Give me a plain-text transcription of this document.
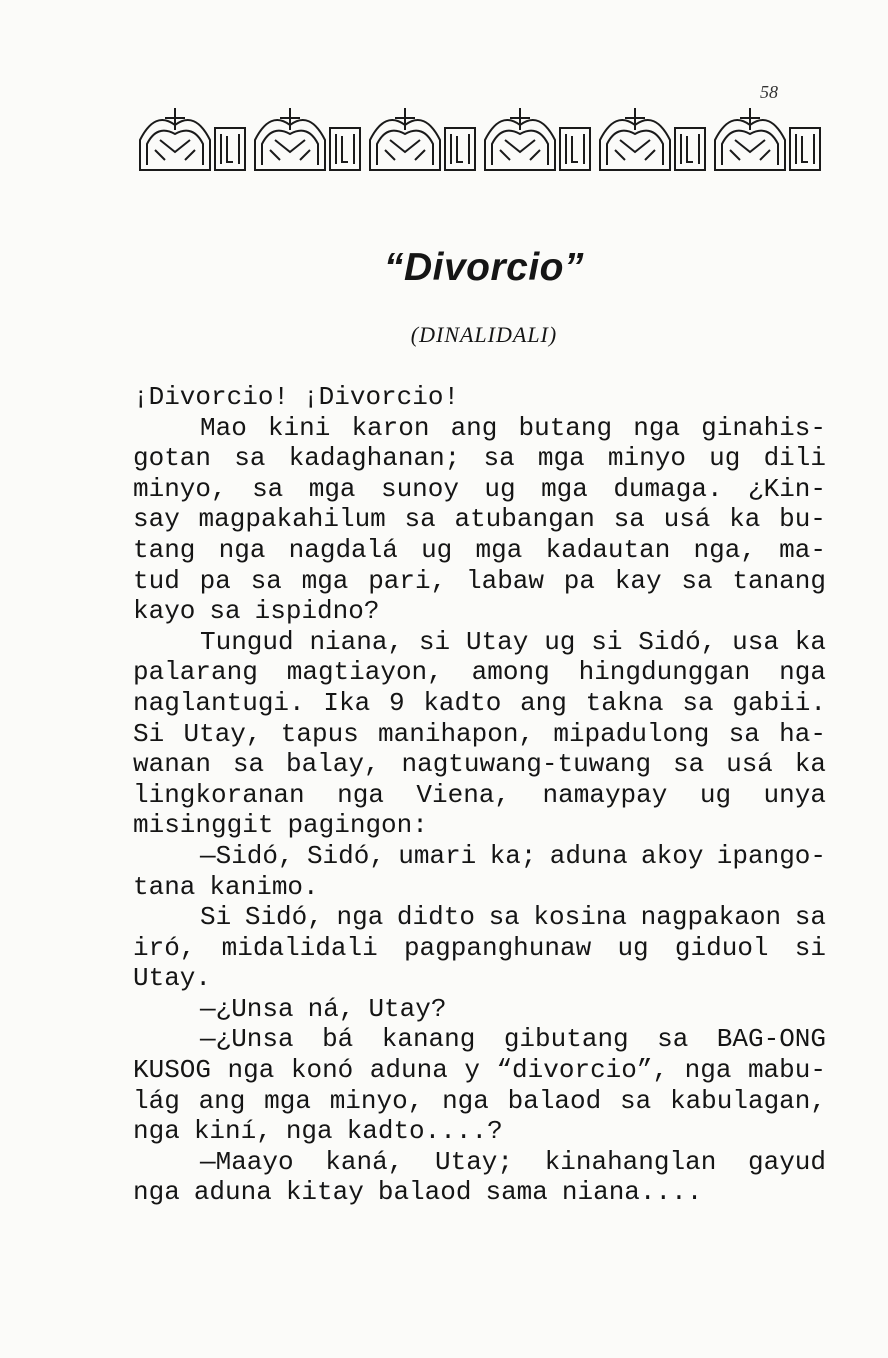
58
“Divorcio”
(DINALIDALI)
¡Divorcio! ¡Divorcio!
Mao kini karon ang butang nga ginahis-
gotan sa kadaghanan; sa mga minyo ug dili
minyo, sa mga sunoy ug mga dumaga. ¿Kin-
say magpakahilum sa atubangan sa usá ka bu-
tang nga nagdalá ug mga kadautan nga, ma-
tud pa sa mga pari, labaw pa kay sa tanang
kayo sa ispidno?
Tungud niana, si Utay ug si Sidó, usa ka
palarang magtiayon, among hingdunggan nga
naglantugi. Ika 9 kadto ang takna sa gabii.
Si Utay, tapus manihapon, mipadulong sa ha-
wanan sa balay, nagtuwang-tuwang sa usá ka
lingkoranan nga Viena, namaypay ug unya
misinggit pagingon:
—Sidó, Sidó, umari ka; aduna akoy ipango-
tana kanimo.
Si Sidó, nga didto sa kosina nagpakaon sa
iró, midalidali pagpanghunaw ug giduol si
Utay.
—¿Unsa ná, Utay?
—¿Unsa bá kanang gibutang sa BAG-ONG
KUSOG nga konó aduna y “divorcio”, nga mabu-
lág ang mga minyo, nga balaod sa kabulagan,
nga kiní, nga kadto....?
—Maayo kaná, Utay; kinahanglan gayud
nga aduna kitay balaod sama niana....
